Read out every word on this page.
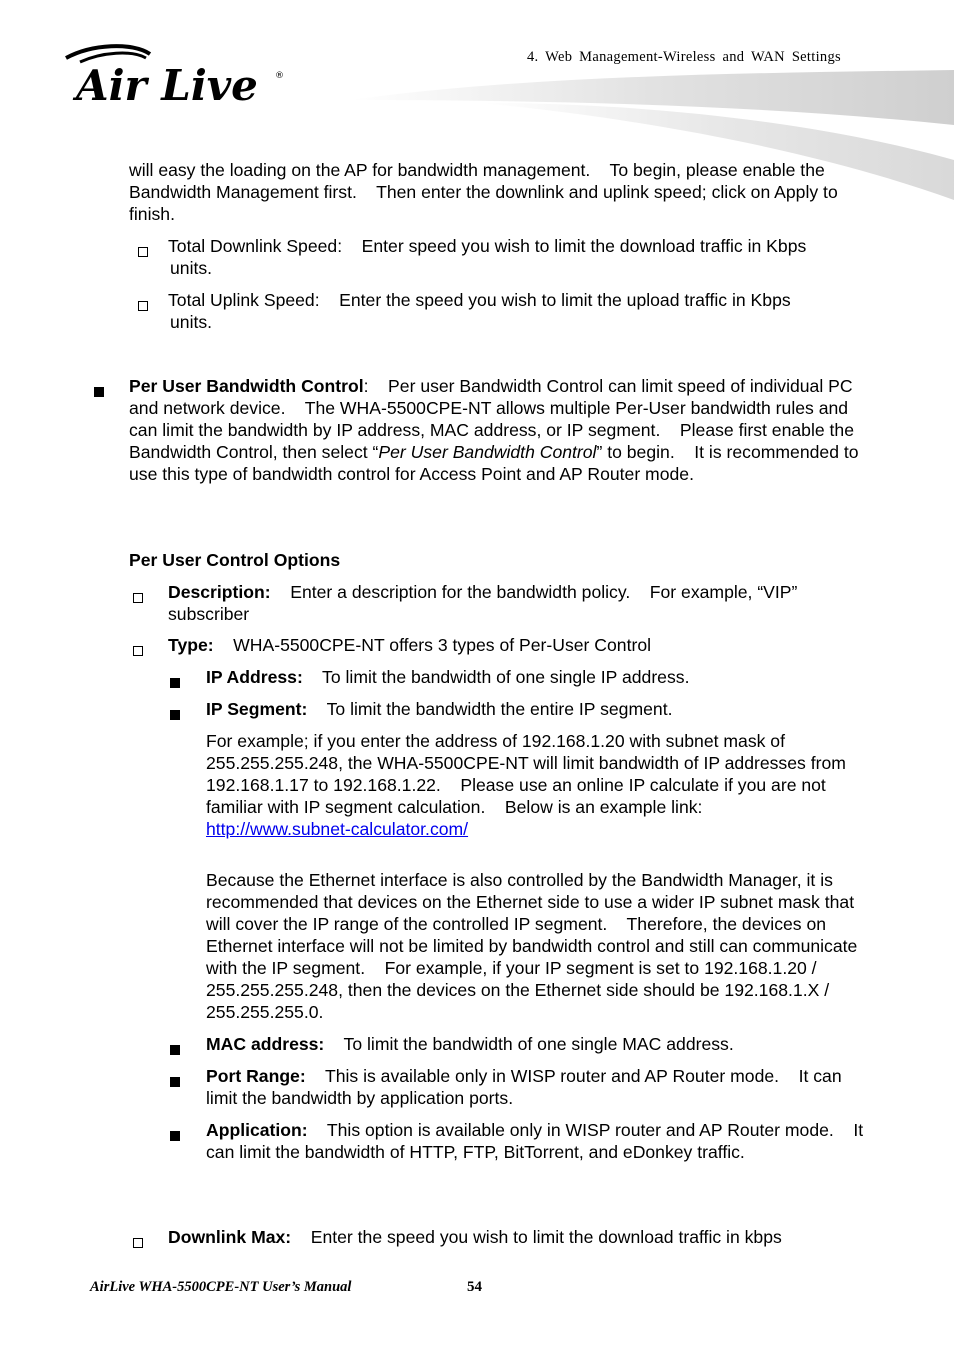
4. Web Management-Wireless and WAN Settings
Air Live ®
will easy the loading on the AP for bandwidth management.    To begin, please enable the Bandwidth Management first.    Then enter the downlink and uplink speed; click on Apply to finish.
Total Downlink Speed:    Enter speed you wish to limit the download traffic in Kbps
units.
Total Uplink Speed:    Enter the speed you wish to limit the upload traffic in Kbps
units.
Per User Bandwidth Control:    Per user Bandwidth Control can limit speed of individual PC and network device.    The WHA-5500CPE-NT allows multiple Per-User bandwidth rules and can limit the bandwidth by IP address, MAC address, or IP segment.    Please first enable the Bandwidth Control, then select “Per User Bandwidth Control” to begin.    It is recommended to use this type of bandwidth control for Access Point and AP Router mode.
Per User Control Options
Description:    Enter a description for the bandwidth policy.    For example, “VIP” subscriber
Type:    WHA-5500CPE-NT offers 3 types of Per-User Control
IP Address:    To limit the bandwidth of one single IP address.
IP Segment:    To limit the bandwidth the entire IP segment.
For example; if you enter the address of 192.168.1.20 with subnet mask of 255.255.255.248, the WHA-5500CPE-NT will limit bandwidth of IP addresses from 192.168.1.17 to 192.168.1.22.    Please use an online IP calculate if you are not familiar with IP segment calculation.    Below is an example link:
http://www.subnet-calculator.com/
Because the Ethernet interface is also controlled by the Bandwidth Manager, it is recommended that devices on the Ethernet side to use a wider IP subnet mask that will cover the IP range of the controlled IP segment.    Therefore, the devices on Ethernet interface will not be limited by bandwidth control and still can communicate with the IP segment.    For example, if your IP segment is set to 192.168.1.20 / 255.255.255.248, then the devices on the Ethernet side should be 192.168.1.X / 255.255.255.0.
MAC address:    To limit the bandwidth of one single MAC address.
Port Range:    This is available only in WISP router and AP Router mode.    It can limit the bandwidth by application ports.
Application:    This option is available only in WISP router and AP Router mode.    It can limit the bandwidth of HTTP, FTP, BitTorrent, and eDonkey traffic.
Downlink Max:    Enter the speed you wish to limit the download traffic in kbps
AirLive WHA-5500CPE-NT User’s Manual	54
